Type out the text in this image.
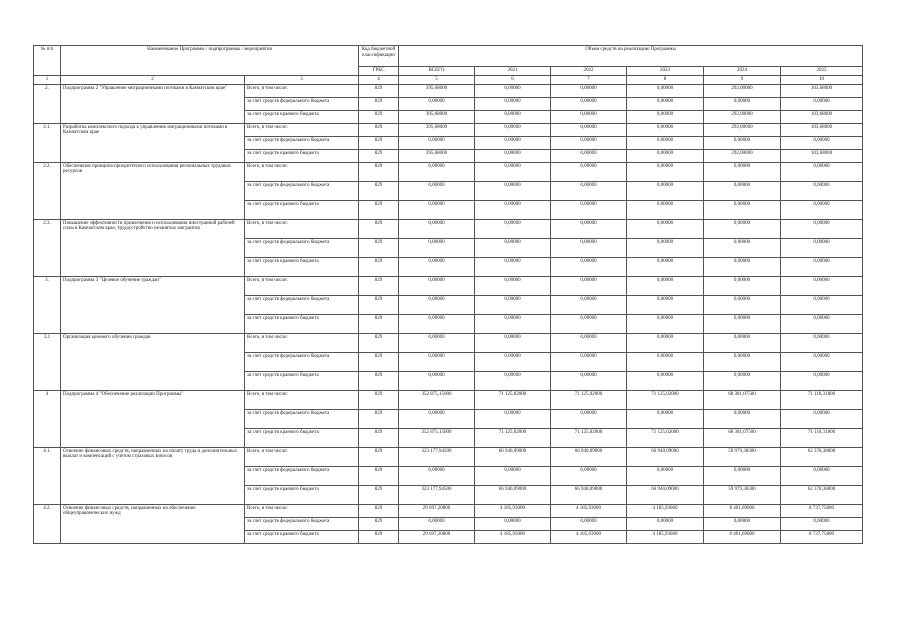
№ п/п	Наименование Программы / подпрограммы / мероприятия		Код бюджетной классификации	Объем средств на реализацию Программы					
			ГРБС	ВСЕГО	2021	2022	2023	2024	2025
1	2	3	4	5	6	7	8	9	10
2.	Подпрограмма 2 "Управление миграционными потоками в Камчатском крае"	Всего, в том числе:	829	395,68000	0,00000	0,00000	0,00000	292,00000	103,68000
		за счет средств федерального бюджета	829	0,00000	0,00000	0,00000	0,00000	0,00000	0,00000
		за счет средств краевого бюджета	829	395,68000	0,00000	0,00000	0,00000	292,00000	103,68000
2.1.	Разработка комплексного подхода к управлению миграционными потоками в Камчатском крае	Всего, в том числе:	829	395,68000	0,00000	0,00000	0,00000	292,00000	103,68000
		за счет средств федерального бюджета	829	0,00000	0,00000	0,00000	0,00000	0,00000	0,00000
		за счет средств краевого бюджета	829	395,68000	0,00000	0,00000	0,00000	292,00000	103,68000
2.2.	Обеспечение принципа приоритетного использования региональных трудовых ресурсов	Всего, в том числе:	829	0,00000	0,00000	0,00000	0,00000	0,00000	0,00000
		за счет средств федерального бюджета	829	0,00000	0,00000	0,00000	0,00000	0,00000	0,00000
		за счет средств краевого бюджета	829	0,00000	0,00000	0,00000	0,00000	0,00000	0,00000
2.3.	Повышение эффективности привлечения и использования иностранной рабочей силы в Камчатском крае, трудоустройство незанятых мигрантов	Всего, в том числе:	829	0,00000	0,00000	0,00000	0,00000	0,00000	0,00000
		за счет средств федерального бюджета	829	0,00000	0,00000	0,00000	0,00000	0,00000	0,00000
		за счет средств краевого бюджета	829	0,00000	0,00000	0,00000	0,00000	0,00000	0,00000
3.	Подпрограмма 3 "Целевое обучение граждан"	Всего, в том числе:	829	0,00000	0,00000	0,00000	0,00000	0,00000	0,00000
		за счет средств федерального бюджета	829	0,00000	0,00000	0,00000	0,00000	0,00000	0,00000
		за счет средств краевого бюджета	829	0,00000	0,00000	0,00000	0,00000	0,00000	0,00000
3.1	Организация целевого обучения граждан	Всего, в том числе:	829	0,00000	0,00000	0,00000	0,00000	0,00000	0,00000
		за счет средств федерального бюджета	829	0,00000	0,00000	0,00000	0,00000	0,00000	0,00000
		за счет средств краевого бюджета	829	0,00000	0,00000	0,00000	0,00000	0,00000	0,00000
4	Подпрограмма 4 "Обеспечение реализации Программы"	Всего, в том числе:	829	352 875,15000	71 125,02000	71 125,02000	71 125,02000	68 381,07500	71 118,31800
		за счет средств федерального бюджета	829	0,00000	0,00000	0,00000	0,00000	0,00000	0,00000
		за счет средств краевого бюджета	829	352 875,15000	71 125,02000	71 125,02000	71 125,02000	68 381,07500	71 118,31800
4.1.	Освоение финансовых средств, направленных на оплату труда и дополнительных выплат и компенсаций с учетом страховых взносов	Всего, в том числе:	829	323 177,94500	66 940,09000	66 940,09000	66 940,09000	59 979,38300	62 378,38000
		за счет средств федерального бюджета	829	0,00000	0,00000	0,00000	0,00000	0,00000	0,00000
		за счет средств краевого бюджета	829	323 177,94500	66 940,09000	66 940,09000	66 940,09000	59 979,38300	62 378,38000
4.2.	Освоение финансовых средств, направленных на обеспечение общеуправленческих нужд	Всего, в том числе:	829	29 697,20800	4 185,93000	4 185,93000	4 185,93000	8 401,69000	8 737,75800
		за счет средств федерального бюджета	829	0,00000	0,00000	0,00000	0,00000	0,00000	0,00000
		за счет средств краевого бюджета	829	29 697,20800	4 185,93000	4 185,93000	4 185,93000	8 401,69000	8 737,75800
